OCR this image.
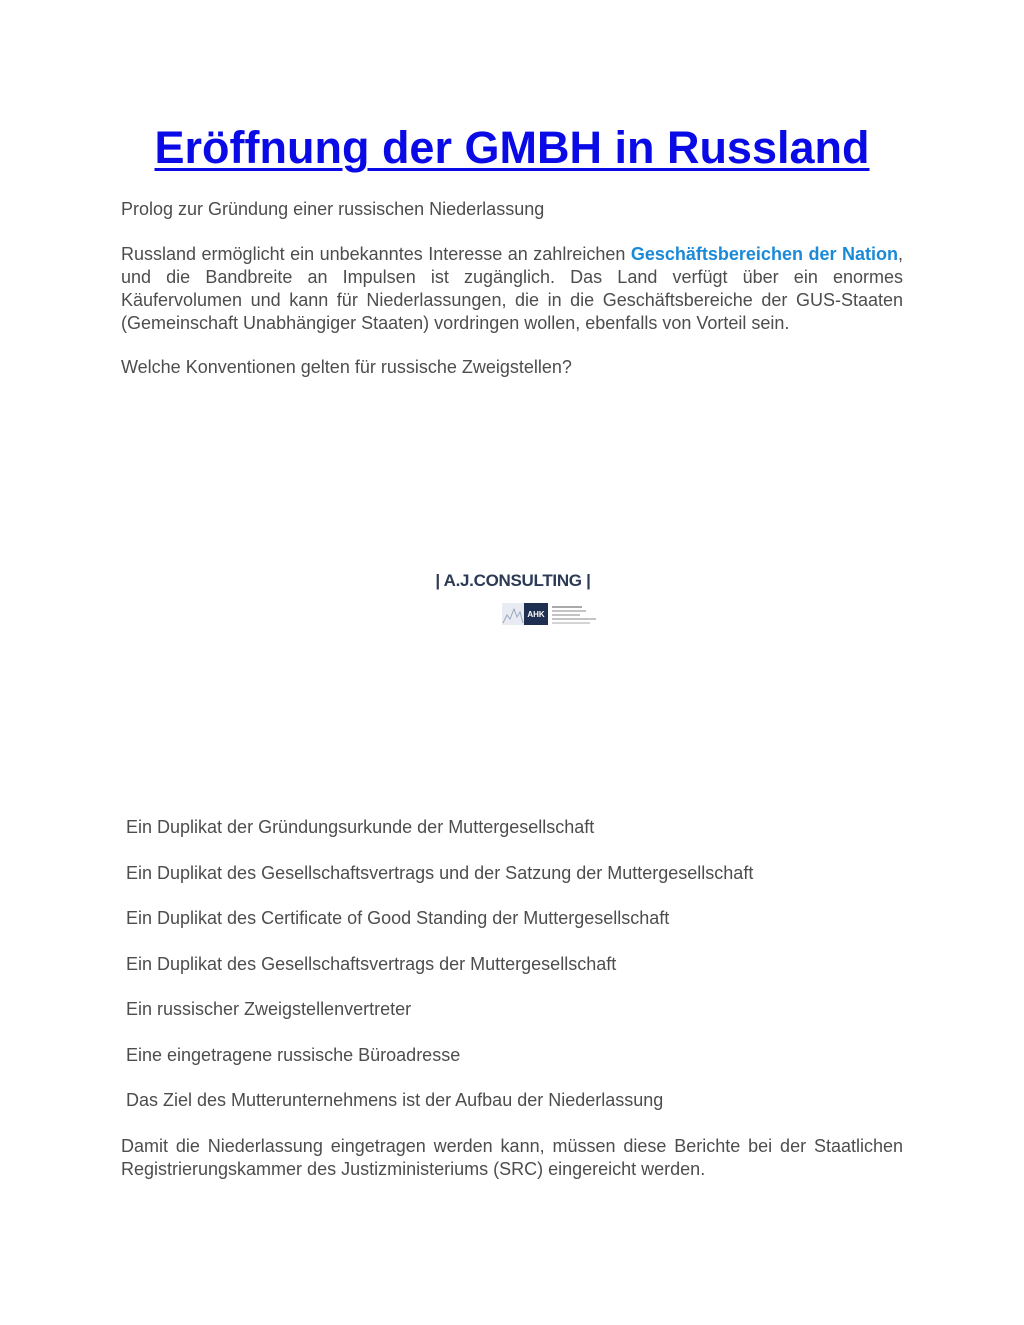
Eröffnung der GMBH in Russland

Prolog zur Gründung einer russischen Niederlassung

Russland ermöglicht ein unbekanntes Interesse an zahlreichen Geschäftsbereichen der Nation, und die Bandbreite an Impulsen ist zugänglich. Das Land verfügt über ein enormes Käufervolumen und kann für Niederlassungen, die in die Geschäftsbereiche der GUS-Staaten (Gemeinschaft Unabhängiger Staaten) vordringen wollen, ebenfalls von Vorteil sein.

Welche Konventionen gelten für russische Zweigstellen?

| A.J.CONSULTING |
AHK

Ein Duplikat der Gründungsurkunde der Muttergesellschaft

Ein Duplikat des Gesellschaftsvertrags und der Satzung der Muttergesellschaft

Ein Duplikat des Certificate of Good Standing der Muttergesellschaft

Ein Duplikat des Gesellschaftsvertrags der Muttergesellschaft

Ein russischer Zweigstellenvertreter

Eine eingetragene russische Büroadresse

Das Ziel des Mutterunternehmens ist der Aufbau der Niederlassung

Damit die Niederlassung eingetragen werden kann, müssen diese Berichte bei der Staatlichen Registrierungskammer des Justizministeriums (SRC) eingereicht werden.
